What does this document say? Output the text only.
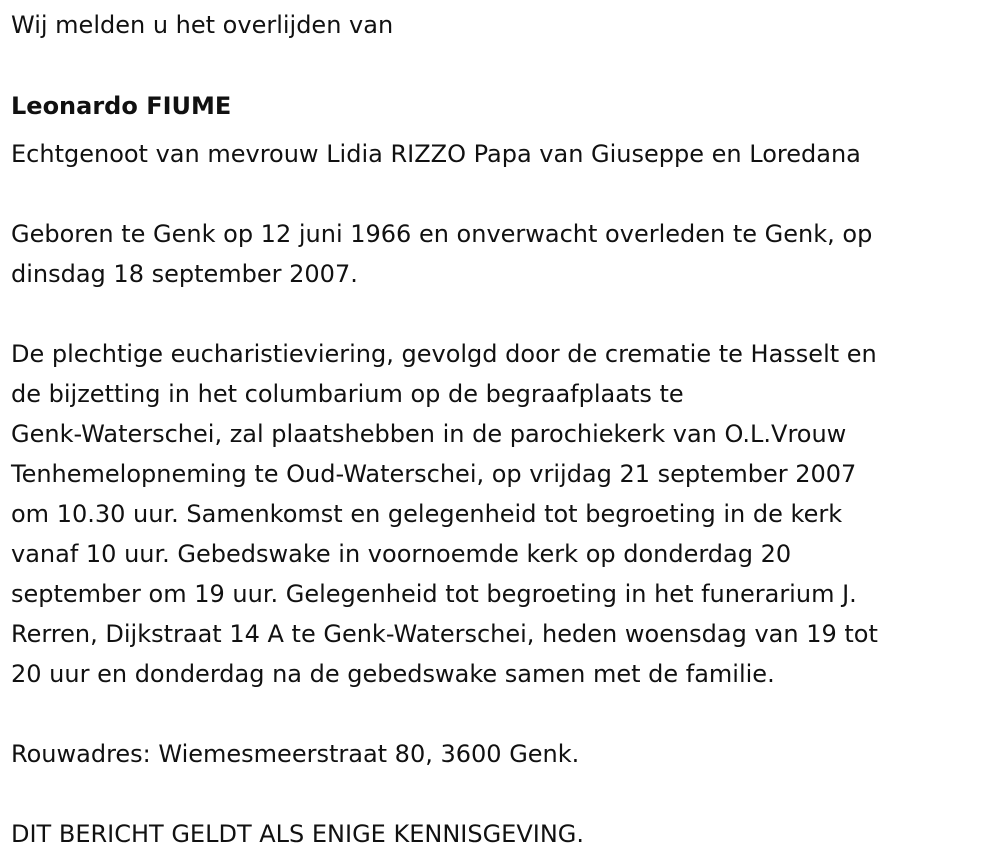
Wij melden u het overlijden van

Leonardo FIUME

Echtgenoot van mevrouw Lidia RIZZO Papa van Giuseppe en Loredana

Geboren te Genk op 12 juni 1966 en onverwacht overleden te Genk, op

dinsdag 18 september 2007.

De plechtige eucharistieviering, gevolgd door de crematie te Hasselt en

de bijzetting in het columbarium op de begraafplaats te

Genk-Waterschei, zal plaatshebben in de parochiekerk van O.L.Vrouw

Tenhemelopneming te Oud-Waterschei, op vrijdag 21 september 2007

om 10.30 uur. Samenkomst en gelegenheid tot begroeting in de kerk

vanaf 10 uur. Gebedswake in voornoemde kerk op donderdag 20

september om 19 uur. Gelegenheid tot begroeting in het funerarium J.

Rerren, Dijkstraat 14 A te Genk-Waterschei, heden woensdag van 19 tot

20 uur en donderdag na de gebedswake samen met de familie.

Rouwadres: Wiemesmeerstraat 80, 3600 Genk.

DIT BERICHT GELDT ALS ENIGE KENNISGEVING.
